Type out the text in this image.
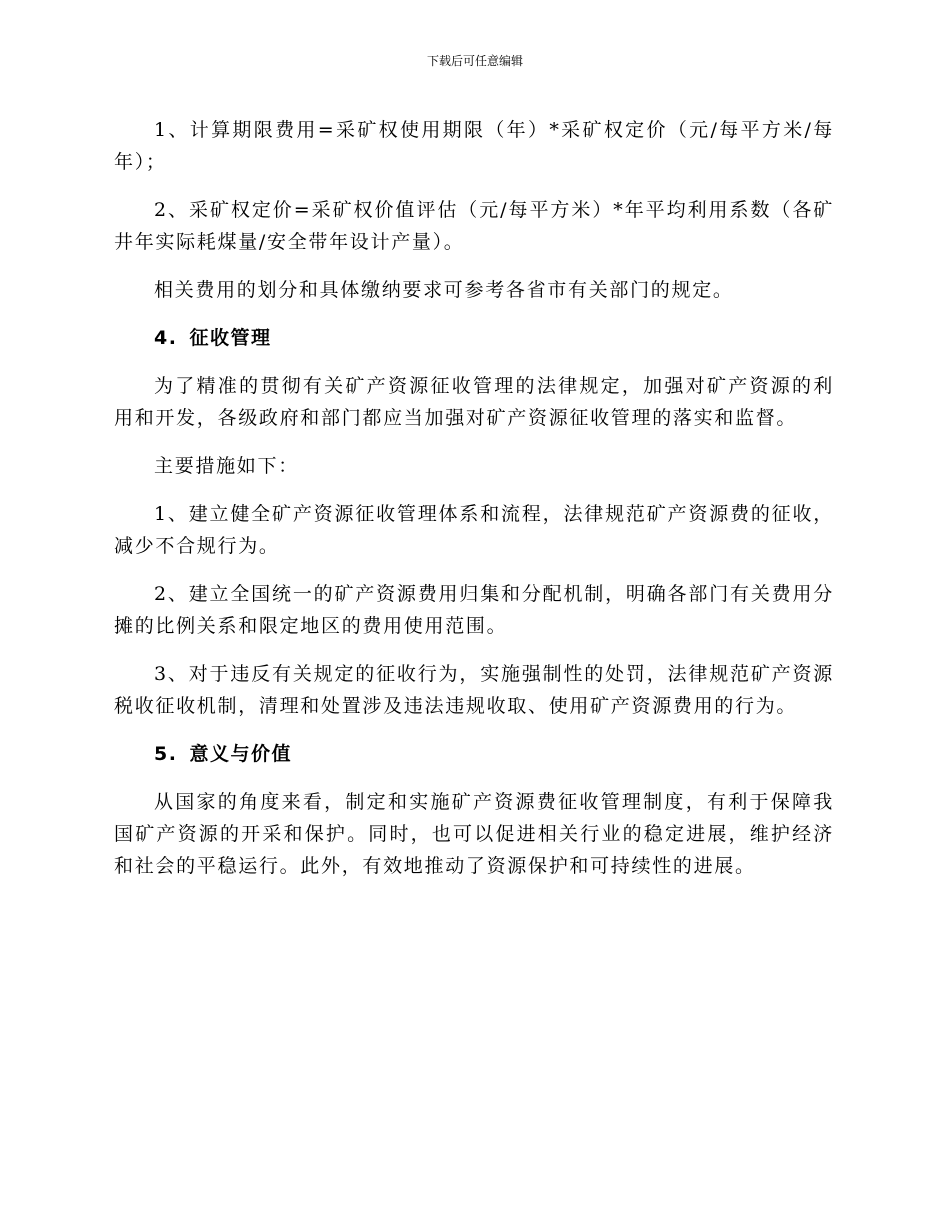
下载后可任意编辑

1、计算期限费用=采矿权使用期限（年）*采矿权定价（元/每平方米/每年）；

2、采矿权定价=采矿权价值评估（元/每平方米）*年平均利用系数（各矿井年实际耗煤量/安全带年设计产量）。

相关费用的划分和具体缴纳要求可参考各省市有关部门的规定。

4. 征收管理

为了精准的贯彻有关矿产资源征收管理的法律规定，加强对矿产资源的利用和开发，各级政府和部门都应当加强对矿产资源征收管理的落实和监督。

主要措施如下：

1、建立健全矿产资源征收管理体系和流程，法律规范矿产资源费的征收，减少不合规行为。

2、建立全国统一的矿产资源费用归集和分配机制，明确各部门有关费用分摊的比例关系和限定地区的费用使用范围。

3、对于违反有关规定的征收行为，实施强制性的处罚，法律规范矿产资源税收征收机制，清理和处置涉及违法违规收取、使用矿产资源费用的行为。

5. 意义与价值

从国家的角度来看，制定和实施矿产资源费征收管理制度，有利于保障我国矿产资源的开采和保护。同时，也可以促进相关行业的稳定进展，维护经济和社会的平稳运行。此外，有效地推动了资源保护和可持续性的进展。
